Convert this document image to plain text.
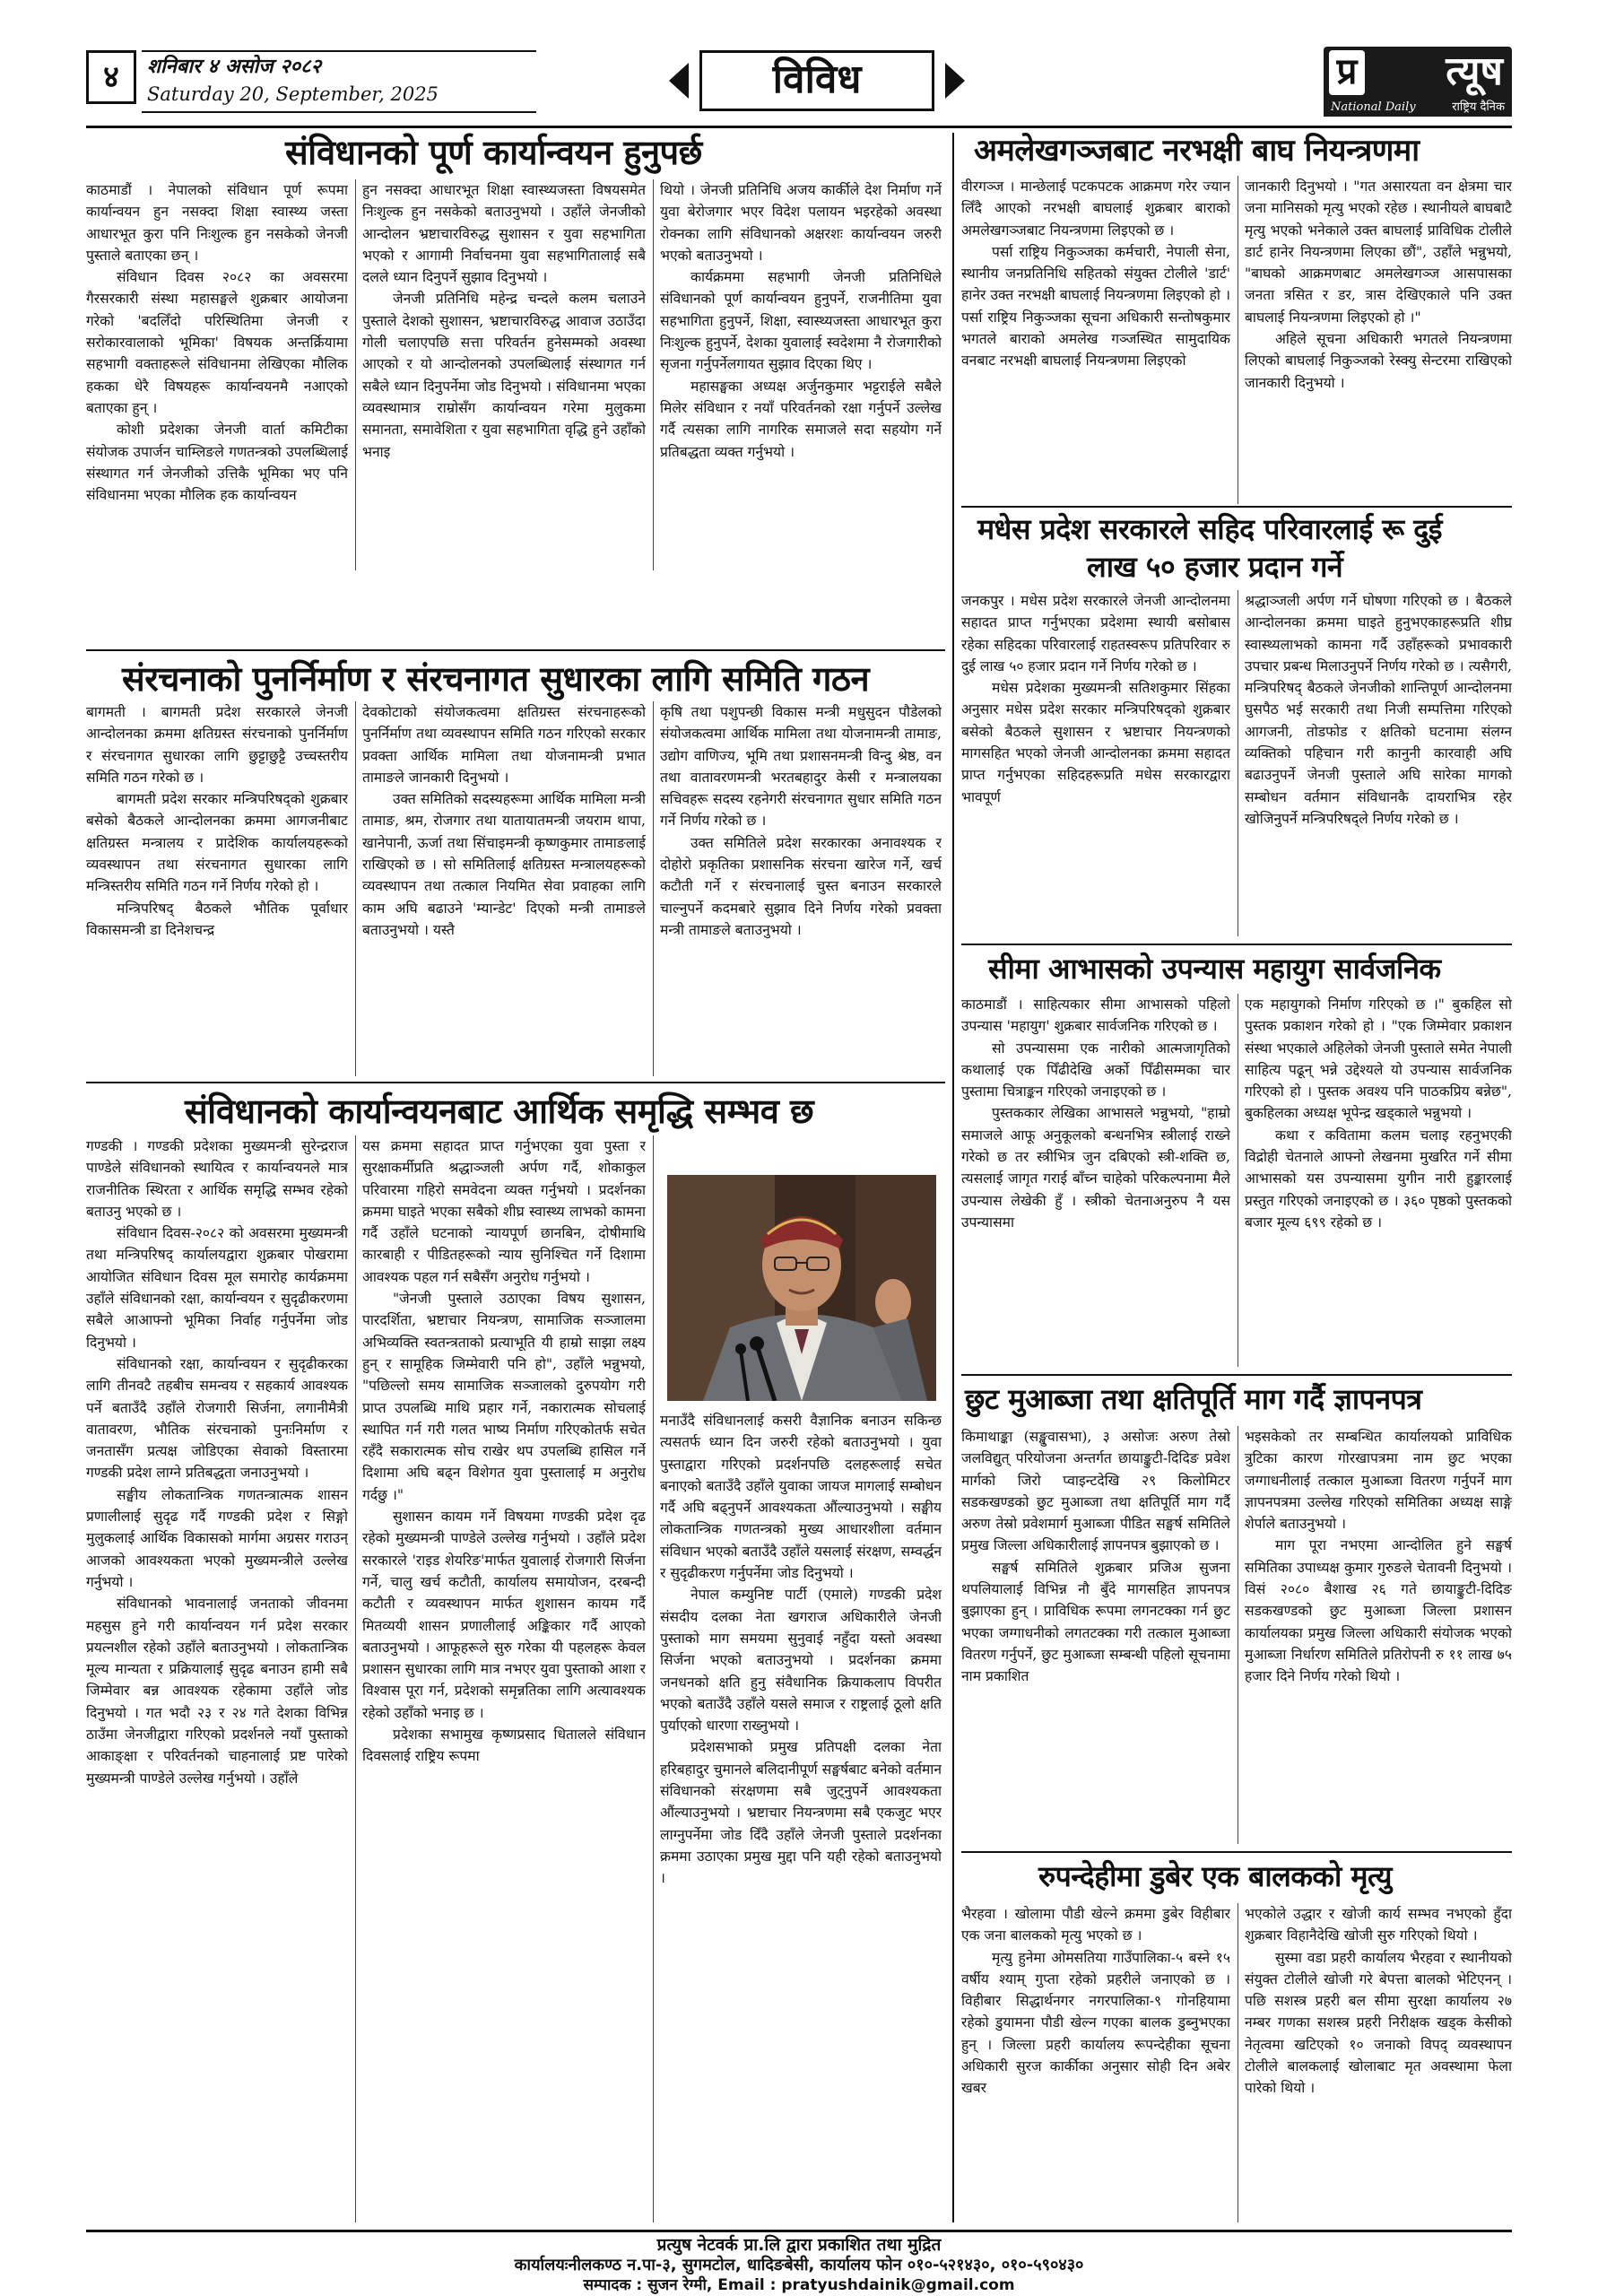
४	शनिबार ४ असोज २०८२
Saturday 20, September, 2025	विविध	प्र त्यूष
National Daily	राष्ट्रिय दैनिक
संविधानको पूर्ण कार्यान्वयन हुनुपर्छ

काठमाडौं । नेपालको संविधान पूर्ण रूपमा कार्यान्वयन हुन नसक्दा शिक्षा स्वास्थ्य जस्ता आधारभूत कुरा पनि निःशुल्क हुन नसकेको जेनजी पुस्ताले बताएका छन् ।

संविधान दिवस २०८२ का अवसरमा गैरसरकारी संस्था महासङ्घले शुक्रबार आयोजना गरेको 'बदलिँदो परिस्थितिमा जेनजी र सरोकारवालाको भूमिका' विषयक अन्तर्क्रियामा सहभागी वक्ताहरूले संविधानमा लेखिएका मौलिक हकका धेरै विषयहरू कार्यान्वयनमै नआएको बताएका हुन् ।

कोशी प्रदेशका जेनजी वार्ता कमिटीका संयोजक उपार्जन चाम्लिङले गणतन्त्रको उपलब्धिलाई संस्थागत गर्न जेनजीको उत्तिकै भूमिका भए पनि संविधानमा भएका मौलिक हक कार्यान्वयन

हुन नसक्दा आधारभूत शिक्षा स्वास्थ्यजस्ता विषयसमेत निःशुल्क हुन नसकेको बताउनुभयो । उहाँले जेनजीको आन्दोलन भ्रष्टाचारविरुद्ध सुशासन र युवा सहभागिता भएको र आगामी निर्वाचनमा युवा सहभागितालाई सबै दलले ध्यान दिनुपर्ने सुझाव दिनुभयो ।

जेनजी प्रतिनिधि महेन्द्र चन्दले कलम चलाउने पुस्ताले देशको सुशासन, भ्रष्टाचारविरुद्ध आवाज उठाउँदा गोली चलाएपछि सत्ता परिवर्तन हुनेसम्मको अवस्था आएको र यो आन्दोलनको उपलब्धिलाई संस्थागत गर्न सबैले ध्यान दिनुपर्नेमा जोड दिनुभयो । संविधानमा भएका व्यवस्थामात्र राम्रोसँग कार्यान्वयन गरेमा मुलुकमा समानता, समावेशिता र युवा सहभागिता वृद्धि हुने उहाँको भनाइ

थियो । जेनजी प्रतिनिधि अजय कार्कीले देश निर्माण गर्ने युवा बेरोजगार भएर विदेश पलायन भइरहेको अवस्था रोक्नका लागि संविधानको अक्षरशः कार्यान्वयन जरुरी भएको बताउनुभयो ।

कार्यक्रममा सहभागी जेनजी प्रतिनिधिले संविधानको पूर्ण कार्यान्वयन हुनुपर्ने, राजनीतिमा युवा सहभागिता हुनुपर्ने, शिक्षा, स्वास्थ्यजस्ता आधारभूत कुरा निःशुल्क हुनुपर्ने, देशका युवालाई स्वदेशमा नै रोजगारीको सृजना गर्नुपर्नेलगायत सुझाव दिएका थिए ।

महासङ्घका अध्यक्ष अर्जुनकुमार भट्टराईले सबैले मिलेर संविधान र नयाँ परिवर्तनको रक्षा गर्नुपर्ने उल्लेख गर्दै त्यसका लागि नागरिक समाजले सदा सहयोग गर्ने प्रतिबद्धता व्यक्त गर्नुभयो ।

संरचनाको पुनर्निर्माण र संरचनागत सुधारका लागि समिति गठन

बागमती । बागमती प्रदेश सरकारले जेनजी आन्दोलनका क्रममा क्षतिग्रस्त संरचनाको पुनर्निर्माण र संरचनागत सुधारका लागि छुट्टाछुट्टै उच्चस्तरीय समिति गठन गरेको छ ।

बागमती प्रदेश सरकार मन्त्रिपरिषद्को शुक्रबार बसेको बैठकले आन्दोलनका क्रममा आगजनीबाट क्षतिग्रस्त मन्त्रालय र प्रादेशिक कार्यालयहरूको व्यवस्थापन तथा संरचनागत सुधारका लागि मन्त्रिस्तरीय समिति गठन गर्ने निर्णय गरेको हो ।

मन्त्रिपरिषद् बैठकले भौतिक पूर्वाधार विकासमन्त्री डा दिनेशचन्द्र

देवकोटाको संयोजकत्वमा क्षतिग्रस्त संरचनाहरूको पुनर्निर्माण तथा व्यवस्थापन समिति गठन गरिएको सरकार प्रवक्ता आर्थिक मामिला तथा योजनामन्त्री प्रभात तामाङले जानकारी दिनुभयो ।

उक्त समितिको सदस्यहरूमा आर्थिक मामिला मन्त्री तामाङ, श्रम, रोजगार तथा यातायातमन्त्री जयराम थापा, खानेपानी, ऊर्जा तथा सिंचाइमन्त्री कृष्णकुमार तामाङलाई राखिएको छ । सो समितिलाई क्षतिग्रस्त मन्त्रालयहरूको व्यवस्थापन तथा तत्काल नियमित सेवा प्रवाहका लागि काम अघि बढाउने 'म्यान्डेट' दिएको मन्त्री तामाङले बताउनुभयो । यस्तै

कृषि तथा पशुपन्छी विकास मन्त्री मधुसुदन पौडेलको संयोजकत्वमा आर्थिक मामिला तथा योजनामन्त्री तामाङ, उद्योग वाणिज्य, भूमि तथा प्रशासनमन्त्री विन्दु श्रेष्ठ, वन तथा वातावरणमन्त्री भरतबहादुर केसी र मन्त्रालयका सचिवहरू सदस्य रहनेगरी संरचनागत सुधार समिति गठन गर्ने निर्णय गरेको छ ।

उक्त समितिले प्रदेश सरकारका अनावश्यक र दोहोरो प्रकृतिका प्रशासनिक संरचना खारेज गर्ने, खर्च कटौती गर्ने र संरचनालाई चुस्त बनाउन सरकारले चाल्नुपर्ने कदमबारे सुझाव दिने निर्णय गरेको प्रवक्ता मन्त्री तामाङले बताउनुभयो ।

संविधानको कार्यान्वयनबाट आर्थिक समृद्धि सम्भव छ

गण्डकी । गण्डकी प्रदेशका मुख्यमन्त्री सुरेन्द्रराज पाण्डेले संविधानको स्थायित्व र कार्यान्वयनले मात्र राजनीतिक स्थिरता र आर्थिक समृद्धि सम्भव रहेको बताउनु भएको छ ।

संविधान दिवस-२०८२ को अवसरमा मुख्यमन्त्री तथा मन्त्रिपरिषद् कार्यालयद्वारा शुक्रबार पोखरामा आयोजित संविधान दिवस मूल समारोह कार्यक्रममा उहाँले संविधानको रक्षा, कार्यान्वयन र सुदृढीकरणमा सबैले आआफ्नो भूमिका निर्वाह गर्नुपर्नेमा जोड दिनुभयो ।

संविधानको रक्षा, कार्यान्वयन र सुदृढीकरका लागि तीनवटै तहबीच समन्वय र सहकार्य आवश्यक पर्ने बताउँदै उहाँले रोजगारी सिर्जना, लगानीमैत्री वातावरण, भौतिक संरचनाको पुनःनिर्माण र जनतासँग प्रत्यक्ष जोडिएका सेवाको विस्तारमा गण्डकी प्रदेश लाग्ने प्रतिबद्धता जनाउनुभयो ।

सङ्घीय लोकतान्त्रिक गणतन्त्रात्मक शासन प्रणालीलाई सुदृढ गर्दै गण्डकी प्रदेश र सिङ्गो मुलुकलाई आर्थिक विकासको मार्गमा अग्रसर गराउन् आजको आवश्यकता भएको मुख्यमन्त्रीले उल्लेख गर्नुभयो ।

संविधानको भावनालाई जनताको जीवनमा महसुस हुने गरी कार्यान्वयन गर्न प्रदेश सरकार प्रयत्नशील रहेको उहाँले बताउनुभयो । लोकतान्त्रिक मूल्य मान्यता र प्रक्रियालाई सुदृढ बनाउन हामी सबै जिम्मेवार बन्न आवश्यक रहेकामा उहाँले जोड दिनुभयो । गत भदौ २३ र २४ गते देशका विभिन्न ठाउँमा जेनजीद्वारा गरिएको प्रदर्शनले नयाँ पुस्ताको आकाङ्क्षा र परिवर्तनको चाहनालाई प्रष्ट पारेको मुख्यमन्त्री पाण्डेले उल्लेख गर्नुभयो । उहाँले

यस क्रममा सहादत प्राप्त गर्नुभएका युवा पुस्ता र सुरक्षाकर्मीप्रति श्रद्धाञ्जली अर्पण गर्दै, शोकाकुल परिवारमा गहिरो समवेदना व्यक्त गर्नुभयो । प्रदर्शनका क्रममा घाइते भएका सबैको शीघ्र स्वास्थ्य लाभको कामना गर्दै उहाँले घटनाको न्यायपूर्ण छानबिन, दोषीमाथि कारबाही र पीडितहरूको न्याय सुनिश्चित गर्ने दिशामा आवश्यक पहल गर्न सबैसँग अनुरोध गर्नुभयो ।

"जेनजी पुस्ताले उठाएका विषय सुशासन, पारदर्शिता, भ्रष्टाचार नियन्त्रण, सामाजिक सञ्जालमा अभिव्यक्ति स्वतन्त्रताको प्रत्याभूति यी हाम्रो साझा लक्ष्य हुन् र सामूहिक जिम्मेवारी पनि हो", उहाँले भन्नुभयो, "पछिल्लो समय सामाजिक सञ्जालको दुरुपयोग गरी प्राप्त उपलब्धि माथि प्रहार गर्ने, नकारात्मक सोचलाई स्थापित गर्न गरी गलत भाष्य निर्माण गरिएकोतर्फ सचेत रहँदै सकारात्मक सोच राखेर थप उपलब्धि हासिल गर्ने दिशामा अघि बढ्न विशेगत युवा पुस्तालाई म अनुरोध गर्दछु ।"

सुशासन कायम गर्ने विषयमा गण्डकी प्रदेश दृढ रहेको मुख्यमन्त्री पाण्डेले उल्लेख गर्नुभयो । उहाँले प्रदेश सरकारले 'राइड शेयरिङ'मार्फत युवालाई रोजगारी सिर्जना गर्ने, चालु खर्च कटौती, कार्यालय समायोजन, दरबन्दी कटौती र व्यवस्थापन मार्फत शुशासन कायम गर्दै मितव्ययी शासन प्रणालीलाई अङ्किकार गर्दै आएको बताउनुभयो । आफूहरूले सुरु गरेका यी पहलहरू केवल प्रशासन सुधारका लागि मात्र नभएर युवा पुस्ताको आशा र विश्वास पूरा गर्न, प्रदेशको समृन्नतिका लागि अत्यावश्यक रहेको उहाँको भनाइ छ ।

प्रदेशका सभामुख कृष्णप्रसाद धितालले संविधान दिवसलाई राष्ट्रिय रूपमा

मनाउँदै संविधानलाई कसरी वैज्ञानिक बनाउन सकिन्छ त्यसतर्फ ध्यान दिन जरुरी रहेको बताउनुभयो । युवा पुस्ताद्वारा गरिएको प्रदर्शनपछि दलहरूलाई सचेत बनाएको बताउँदै उहाँले युवाका जायज मागलाई सम्बोधन गर्दै अघि बढ्नुपर्ने आवश्यकता औंल्याउनुभयो । सङ्घीय लोकतान्त्रिक गणतन्त्रको मुख्य आधारशीला वर्तमान संविधान भएको बताउँदै उहाँले यसलाई संरक्षण, सम्वर्द्धन र सुदृढीकरण गर्नुपर्नेमा जोड दिनुभयो ।

नेपाल कम्युनिष्ट पार्टी (एमाले) गण्डकी प्रदेश संसदीय दलका नेता खगराज अधिकारीले जेनजी पुस्ताको माग समयमा सुनुवाई नहुँदा यस्तो अवस्था सिर्जना भएको बताउनुभयो । प्रदर्शनका क्रममा जनधनको क्षति हुनु संवैधानिक क्रियाकलाप विपरीत भएको बताउँदै उहाँले यसले समाज र राष्ट्रलाई ठूलो क्षति पुर्याएको धारणा राख्नुभयो ।

प्रदेशसभाको प्रमुख प्रतिपक्षी दलका नेता हरिबहादुर चुमानले बलिदानीपूर्ण सङ्घर्षबाट बनेको वर्तमान संविधानको संरक्षणमा सबै जुट्नुपर्ने आवश्यकता औंल्याउनुभयो । भ्रष्टाचार नियन्त्रणमा सबै एकजुट भएर लाग्नुपर्नेमा जोड दिँदै उहाँले जेनजी पुस्ताले प्रदर्शनका क्रममा उठाएका प्रमुख मुद्दा पनि यही रहेको बताउनुभयो ।

अमलेखगञ्जबाट नरभक्षी बाघ नियन्त्रणमा

वीरगञ्ज । मान्छेलाई पटकपटक आक्रमण गरेर ज्यान लिँदै आएको नरभक्षी बाघलाई शुक्रबार बाराको अमलेखगञ्जबाट नियन्त्रणमा लिइएको छ ।

पर्सा राष्ट्रिय निकुञ्जका कर्मचारी, नेपाली सेना, स्थानीय जनप्रतिनिधि सहितको संयुक्त टोलीले 'डार्ट' हानेर उक्त नरभक्षी बाघलाई नियन्त्रणमा लिइएको हो । पर्सा राष्ट्रिय निकुञ्जका सूचना अधिकारी सन्तोषकुमार भगतले बाराको अमलेख गञ्जस्थित सामुदायिक वनबाट नरभक्षी बाघलाई नियन्त्रणमा लिइएको

जानकारी दिनुभयो । "गत असारयता वन क्षेत्रमा चार जना मानिसको मृत्यु भएको रहेछ । स्थानीयले बाघबाटै मृत्यु भएको भनेकाले उक्त बाघलाई प्राविधिक टोलीले डार्ट हानेर नियन्त्रणमा लिएका छौं", उहाँले भन्नुभयो, "बाघको आक्रमणबाट अमलेखगञ्ज आसपासका जनता त्रसित र डर, त्रास देखिएकाले पनि उक्त बाघलाई नियन्त्रणमा लिइएको हो ।"

अहिले सूचना अधिकारी भगतले नियन्त्रणमा लिएको बाघलाई निकुञ्जको रेस्क्यु सेन्टरमा राखिएको जानकारी दिनुभयो ।

मधेस प्रदेश सरकारले सहिद परिवारलाई रू दुई
लाख ५० हजार प्रदान गर्ने

जनकपुर । मधेस प्रदेश सरकारले जेनजी आन्दोलनमा सहादत प्राप्त गर्नुभएका प्रदेशमा स्थायी बसोबास रहेका सहिदका परिवारलाई राहतस्वरूप प्रतिपरिवार रु दुई लाख ५० हजार प्रदान गर्ने निर्णय गरेको छ ।

मधेस प्रदेशका मुख्यमन्त्री सतिशकुमार सिंहका अनुसार मधेस प्रदेश सरकार मन्त्रिपरिषद्को शुक्रबार बसेको बैठकले सुशासन र भ्रष्टाचार नियन्त्रणको मागसहित भएको जेनजी आन्दोलनका क्रममा सहादत प्राप्त गर्नुभएका सहिदहरूप्रति मधेस सरकारद्वारा भावपूर्ण

श्रद्धाञ्जली अर्पण गर्ने घोषणा गरिएको छ । बैठकले आन्दोलनका क्रममा घाइते हुनुभएकाहरूप्रति शीघ्र स्वास्थ्यलाभको कामना गर्दै उहाँहरूको प्रभावकारी उपचार प्रबन्ध मिलाउनुपर्ने निर्णय गरेको छ । त्यसैगरी, मन्त्रिपरिषद् बैठकले जेनजीको शान्तिपूर्ण आन्दोलनमा घुसपैठ भई सरकारी तथा निजी सम्पत्तिमा गरिएको आगजनी, तोडफोड र क्षतिको घटनामा संलग्न व्यक्तिको पहिचान गरी कानुनी कारवाही अघि बढाउनुपर्ने जेनजी पुस्ताले अघि सारेका मागको सम्बोधन वर्तमान संविधानकै दायराभित्र रहेर खोजिनुपर्ने मन्त्रिपरिषद्ले निर्णय गरेको छ ।

सीमा आभासको उपन्यास महायुग सार्वजनिक

काठमाडौं । साहित्यकार सीमा आभासको पहिलो उपन्यास 'महायुग' शुक्रबार सार्वजनिक गरिएको छ ।

सो उपन्यासमा एक नारीको आत्मजागृतिको कथालाई एक पिँढीदेखि अर्को पिँढीसम्मका चार पुस्तामा चित्राङ्कन गरिएको जनाइएको छ ।

पुस्तककार लेखिका आभासले भन्नुभयो, "हाम्रो समाजले आफू अनुकूलको बन्धनभित्र स्त्रीलाई राख्ने गरेको छ तर स्त्रीभित्र जुन दबिएको स्त्री-शक्ति छ, त्यसलाई जागृत गराई बाँच्न चाहेको परिकल्पनामा मैले उपन्यास लेखेकी हुँ । स्त्रीको चेतनाअनुरुप नै यस उपन्यासमा

एक महायुगको निर्माण गरिएको छ ।" बुकहिल सो पुस्तक प्रकाशन गरेको हो । "एक जिम्मेवार प्रकाशन संस्था भएकाले अहिलेको जेनजी पुस्ताले समेत नेपाली साहित्य पढून् भन्ने उद्देश्यले यो उपन्यास सार्वजनिक गरिएको हो । पुस्तक अवश्य पनि पाठकप्रिय बन्नेछ", बुकहिलका अध्यक्ष भूपेन्द्र खड्काले भन्नुभयो ।

कथा र कवितामा कलम चलाइ रहनुभएकी विद्रोही चेतनाले आफ्नो लेखनमा मुखरित गर्ने सीमा आभासको यस उपन्यासमा युगीन नारी हुङ्कारलाई प्रस्तुत गरिएको जनाइएको छ । ३६० पृष्ठको पुस्तकको बजार मूल्य ६९९ रहेको छ ।

छुट मुआब्जा तथा क्षतिपूर्ति माग गर्दै ज्ञापनपत्र

किमाथाङ्का (सङ्खुवासभा), ३ असोजः अरुण तेस्रो जलविद्युत् परियोजना अन्तर्गत छायाङ्कुटी-दिदिङ प्रवेश मार्गको जिरो प्वाइन्टदेखि २९ किलोमिटर सडकखण्डको छुट मुआब्जा तथा क्षतिपूर्ति माग गर्दै अरुण तेस्रो प्रवेशमार्ग मुआब्जा पीडित सङ्घर्ष समितिले प्रमुख जिल्ला अधिकारीलाई ज्ञापनपत्र बुझाएको छ ।

सङ्घर्ष समितिले शुक्रबार प्रजिअ सुजना थपलियालाई विभिन्न नौ बुँदे मागसहित ज्ञापनपत्र बुझाएका हुन् । प्राविधिक रूपमा लगनटक्का गर्न छुट भएका जग्गाधनीको लगतटक्का गरी तत्काल मुआब्जा वितरण गर्नुपर्ने, छुट मुआब्जा सम्बन्धी पहिलो सूचनामा नाम प्रकाशित

भइसकेको तर सम्बन्धित कार्यालयको प्राविधिक त्रुटिका कारण गोरखापत्रमा नाम छुट भएका जग्गाधनीलाई तत्काल मुआब्जा वितरण गर्नुपर्ने माग ज्ञापनपत्रमा उल्लेख गरिएको समितिका अध्यक्ष साङ्गे शेर्पाले बताउनुभयो ।

माग पूरा नभएमा आन्दोलित हुने सङ्घर्ष समितिका उपाध्यक्ष कुमार गुरुङले चेतावनी दिनुभयो । विसं २०८० बैशाख २६ गते छायाङ्कुटी-दिदिङ सडकखण्डको छुट मुआब्जा जिल्ला प्रशासन कार्यालयका प्रमुख जिल्ला अधिकारी संयोजक भएको मुआब्जा निर्धारण समितिले प्रतिरोपनी रु ११ लाख ७५ हजार दिने निर्णय गरेको थियो ।

रुपन्देहीमा डुबेर एक बालकको मृत्यु

भैरहवा । खोलामा पौडी खेल्ने क्रममा डुबेर विहीबार एक जना बालकको मृत्यु भएको छ ।

मृत्यु हुनेमा ओमसतिया गाउँपालिका-५ बस्ने १५ वर्षीय श्याम् गुप्ता रहेको प्रहरीले जनाएको छ । विहीबार सिद्धार्थनगर नगरपालिका-९ गोनहियामा रहेको डुयामना पौडी खेल्न गएका बालक डुब्नुभएका हुन् । जिल्ला प्रहरी कार्यालय रूपन्देहीका सूचना अधिकारी सुरज कार्कीका अनुसार सोही दिन अबेर खबर

भएकोले उद्धार र खोजी कार्य सम्भव नभएको हुँदा शुक्रबार विहानैदेखि खोजी सुरु गरिएको थियो ।

सुस्मा वडा प्रहरी कार्यालय भैरहवा र स्थानीयको संयुक्त टोलीले खोजी गरे बेपत्ता बालको भेटिएनन् । पछि सशस्त्र प्रहरी बल सीमा सुरक्षा कार्यालय २७ नम्बर गणका सशस्त्र प्रहरी निरीक्षक खड्क केसीको नेतृत्वमा खटिएको १० जनाको विपद् व्यवस्थापन टोलीले बालकलाई खोलाबाट मृत अवस्थामा फेला पारेको थियो ।

प्रत्युष नेटवर्क प्रा.लि द्वारा प्रकाशित तथा मुद्रित
कार्यालयःनीलकण्ठ न.पा-३, सुगमटोल, धादिङबेसी, कार्यालय फोन ०१०-५२१४३०, ०१०-५९०४३०
सम्पादक : सुजन रेग्मी, Email : pratyushdainik@gmail.com
